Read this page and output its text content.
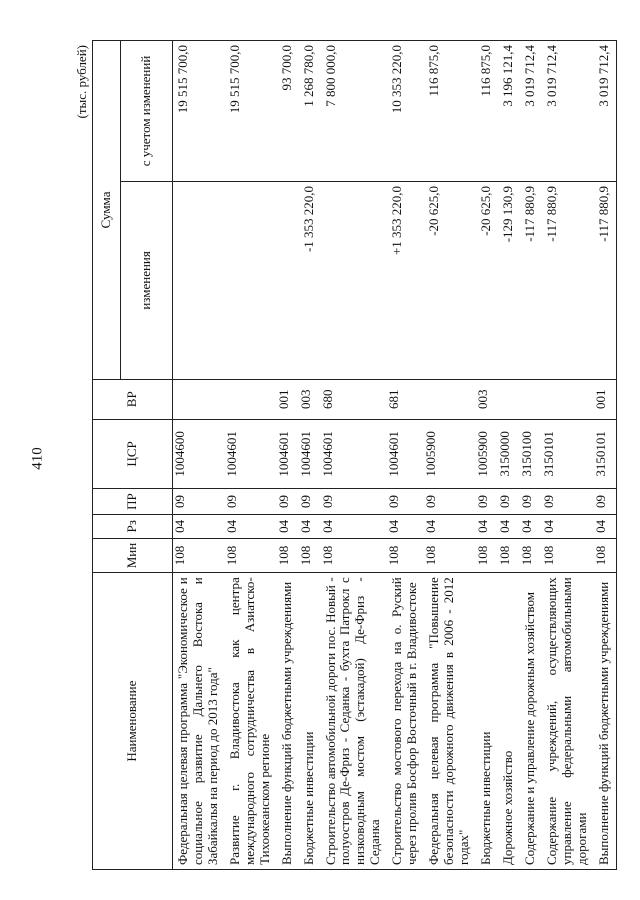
410
(тыс. рублей)
Наименование	Мин	Рз	ПР	ЦСР	ВР	Сумма	
						изменения	с учетом изменений
Федеральная целевая программа "Экономическое и социальное развитие Дальнего Востока и Забайкалья на период до 2013 года"	108	04	09	1004600			19 515 700,0
Развитие г. Владивостока как центра международного сотрудничества в Азиатско-Тихоокеанском регионе	108	04	09	1004601			19 515 700,0
Выполнение функций бюджетными учреждениями	108	04	09	1004601	001		93 700,0
Бюджетные инвестиции	108	04	09	1004601	003	-1 353 220,0	1 268 780,0
Строительство автомобильной дороги пос. Новый - полуостров Де-Фриз - Седанка - бухта Патрокл с низководным мостом (эстакадой) Де-Фриз - Седанка	108	04	09	1004601	680		7 800 000,0
Строительство мостового перехода на о. Руский через пролив Босфор Восточный в г. Владивостоке	108	04	09	1004601	681	+1 353 220,0	10 353 220,0
Федеральная целевая программа "Повышение безопасности дорожного движения в 2006 - 2012 годах"	108	04	09	1005900		-20 625,0	116 875,0
Бюджетные инвестиции	108	04	09	1005900	003	-20 625,0	116 875,0
Дорожное хозяйство	108	04	09	3150000		-129 130,9	3 196 121,4
Содержание и управление дорожным хозяйством	108	04	09	3150100		-117 880,9	3 019 712,4
Содержание учреждений, осуществляющих управление федеральными автомобильными дорогами	108	04	09	3150101		-117 880,9	3 019 712,4
Выполнение функций бюджетными учреждениями	108	04	09	3150101	001	-117 880,9	3 019 712,4
